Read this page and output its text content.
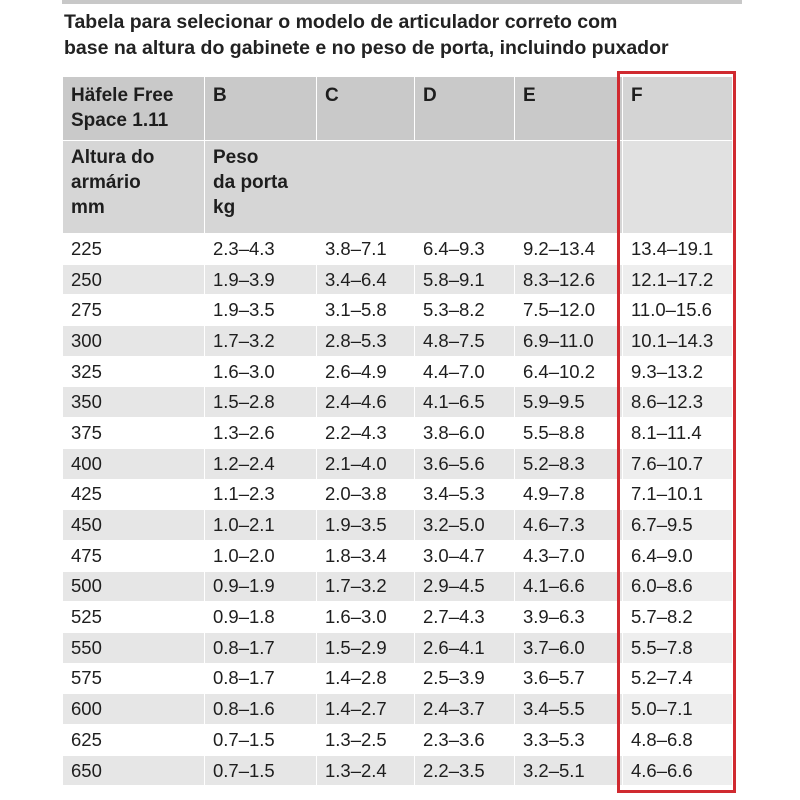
Tabela para selecionar o modelo de articulador correto com
base na altura do gabinete e no peso de porta, incluindo puxador
Häfele Free Space 1.11	B	C	D	E	F

Altura do
armário
mm	Peso
da porta
kg				

225	2.3–4.3	3.8–7.1	6.4–9.3	9.2–13.4	13.4–19.1
250	1.9–3.9	3.4–6.4	5.8–9.1	8.3–12.6	12.1–17.2
275	1.9–3.5	3.1–5.8	5.3–8.2	7.5–12.0	11.0–15.6
300	1.7–3.2	2.8–5.3	4.8–7.5	6.9–11.0	10.1–14.3
325	1.6–3.0	2.6–4.9	4.4–7.0	6.4–10.2	9.3–13.2
350	1.5–2.8	2.4–4.6	4.1–6.5	5.9–9.5	8.6–12.3
375	1.3–2.6	2.2–4.3	3.8–6.0	5.5–8.8	8.1–11.4
400	1.2–2.4	2.1–4.0	3.6–5.6	5.2–8.3	7.6–10.7
425	1.1–2.3	2.0–3.8	3.4–5.3	4.9–7.8	7.1–10.1
450	1.0–2.1	1.9–3.5	3.2–5.0	4.6–7.3	6.7–9.5
475	1.0–2.0	1.8–3.4	3.0–4.7	4.3–7.0	6.4–9.0
500	0.9–1.9	1.7–3.2	2.9–4.5	4.1–6.6	6.0–8.6
525	0.9–1.8	1.6–3.0	2.7–4.3	3.9–6.3	5.7–8.2
550	0.8–1.7	1.5–2.9	2.6–4.1	3.7–6.0	5.5–7.8
575	0.8–1.7	1.4–2.8	2.5–3.9	3.6–5.7	5.2–7.4
600	0.8–1.6	1.4–2.7	2.4–3.7	3.4–5.5	5.0–7.1
625	0.7–1.5	1.3–2.5	2.3–3.6	3.3–5.3	4.8–6.8
650	0.7–1.5	1.3–2.4	2.2–3.5	3.2–5.1	4.6–6.6
